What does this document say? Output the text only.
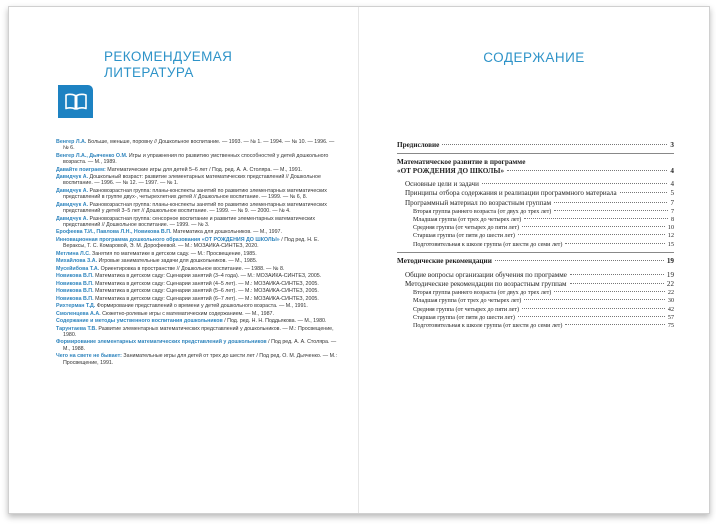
РЕКОМЕНДУЕМАЯ
ЛИТЕРАТУРА

Венгер Л.А. Больше, меньше, поровну // Дошкольное воспитание. — 1993. — № 1. — 1994. — № 10. — 1996. — № 6.

Венгер Л.А., Дьяченко О.М. Игры и упражнения по развитию умственных способностей у детей дошкольного возраста. — М., 1989.

Давайте поиграем: Математические игры для детей 5–6 лет / Под. ред. А. А. Столяра. — М., 1991.

Давидчук А. Дошкольный возраст: развитие элементарных математических представлений // Дошкольное воспитание. — 1996. — № 12. — 1997. — № 1.

Давидчук А. Разновозрастная группа: планы-конспекты занятий по развитию элементарных математических представлений в группе двух-, четырехлетних детей // Дошкольное воспитание. — 1999. — № 6, 8.

Давидчук А. Разновозрастная группа: планы-конспекты занятий по развитию элементарных математических представлений у детей 3–5 лет // Дошкольное воспитание. — 1999. — № 9. — 2000. — № 4.

Давидчук А. Разновозрастная группа: сенсорное воспитание и развитие элементарных математических представлений // Дошкольное воспитание. — 1999. — № 3.

Ерофеева Т.И., Павлова Л.Н., Новикова В.П. Математика для дошкольников. — М., 1997.

Инновационная программа дошкольного образования «ОТ РОЖДЕНИЯ ДО ШКОЛЫ» / Под ред. Н. Е. Вераксы, Т. С. Комаровой, Э. М. Дорофеевой. — М.: МОЗАИКА-СИНТЕЗ, 2020.

Метлина Л.С. Занятия по математике в детском саду. — М.: Просвещение, 1985.

Михайлова З.А. Игровые занимательные задачи для дошкольников. — М., 1985.

Мусейибова Т.А. Ориентировка в пространстве // Дошкольное воспитание. — 1988. — № 8.

Новикова В.П. Математика в детском саду: Сценарии занятий (3–4 года). — М.: МОЗАИКА-СИНТЕЗ, 2005.

Новикова В.П. Математика в детском саду: Сценарии занятий (4–5 лет). — М.: МОЗАИКА-СИНТЕЗ, 2005.

Новикова В.П. Математика в детском саду: Сценарии занятий (5–6 лет). — М.: МОЗАИКА-СИНТЕЗ, 2005.

Новикова В.П. Математика в детском саду: Сценарии занятий (6–7 лет). — М.: МОЗАИКА-СИНТЕЗ, 2005.

Рихтерман Т.Д. Формирование представлений о времени у детей дошкольного возраста. — М., 1991.

Смоленцева А.А. Сюжетно-ролевые игры с математическим содержанием. — М., 1987.

Содержание и методы умственного воспитания дошкольников / Под. ред. Н. Н. Поддьякова. — М., 1980.

Тарунтаева Т.В. Развитие элементарных математических представлений у дошкольников. — М.: Просвещение, 1980.

Формирование элементарных математических представлений у дошкольников / Под ред. А. А. Столяра. — М., 1988.

Чего на свете не бывает: Занимательные игры для детей от трех до шести лет / Под ред. О. М. Дьяченко. — М.: Просвещение, 1991.

СОДЕРЖАНИЕ
Предисловие	3
Математическое развитие в программе
«ОТ РОЖДЕНИЯ ДО ШКОЛЫ»	4
Основные цели и задачи	4
Принципы отбора содержания и реализации программного материала	5
Программный материал по возрастным группам	7
Вторая группа раннего возраста (от двух до трех лет)	7
Младшая группа (от трех до четырех лет)	8
Средняя группа (от четырех до пяти лет)	10
Старшая группа (от пяти до шести лет)	12
Подготовительная к школе группа (от шести до семи лет)	15
Методические рекомендации	19
Общие вопросы организации обучения по программе	19
Методические рекомендации по возрастным группам	22
Вторая группа раннего возраста (от двух до трех лет)	22
Младшая группа (от трех до четырех лет)	30
Средняя группа (от четырех до пяти лет)	42
Старшая группа (от пяти до шести лет)	57
Подготовительная к школе группа (от шести до семи лет)	75
